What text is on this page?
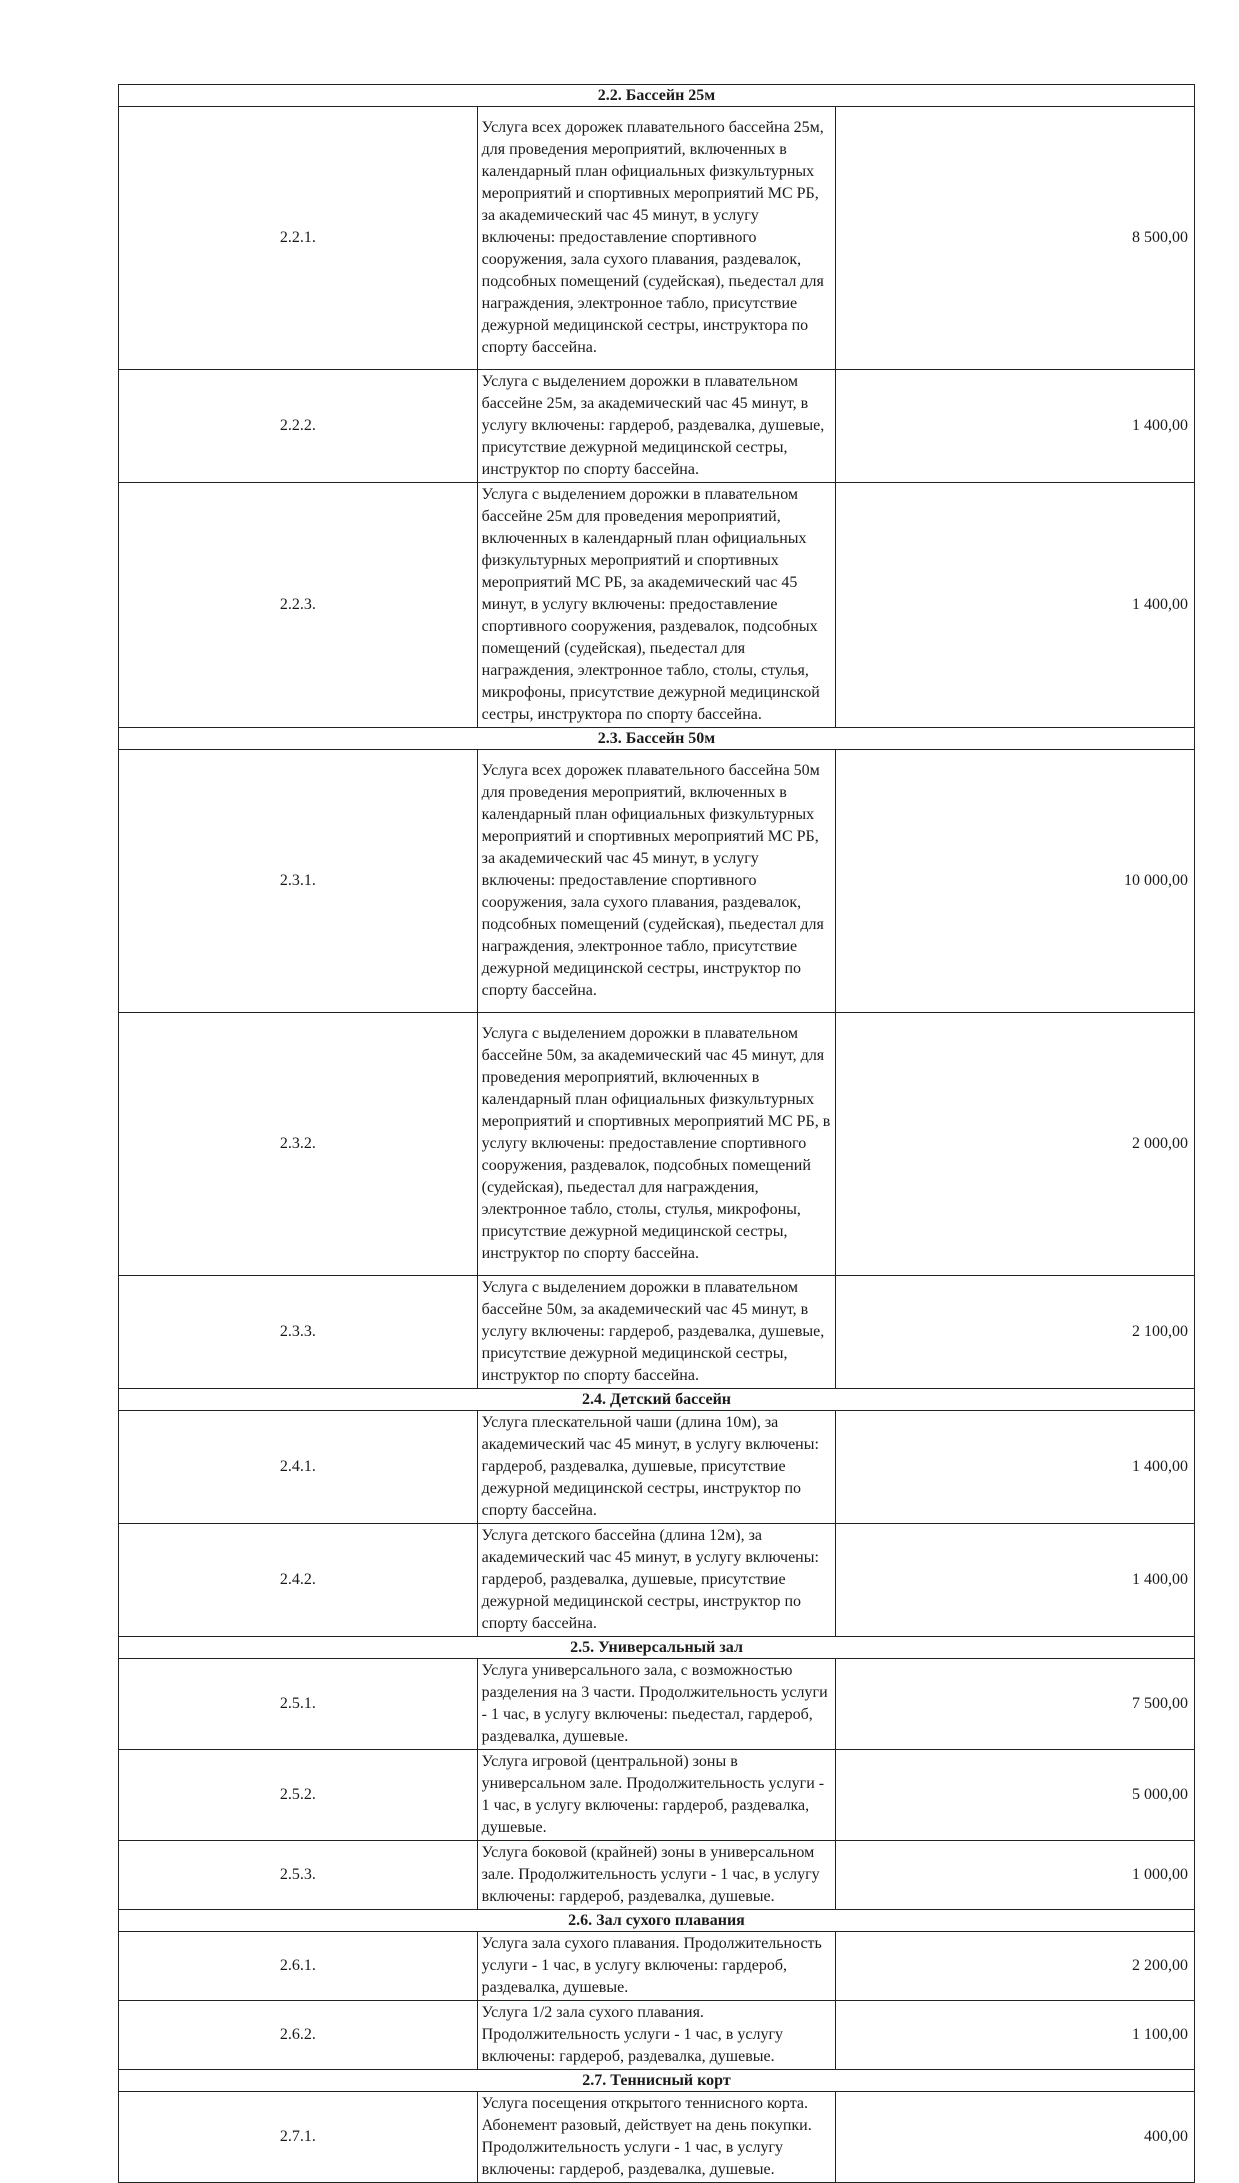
2.2. Бассейн 25м		
2.2.1.	Услуга всех дорожек плавательного бассейна 25м, для проведения мероприятий, включенных в календарный план официальных физкультурных мероприятий и спортивных мероприятий МС РБ, за академический час 45 минут, в услугу включены: предоставление спортивного сооружения, зала сухого плавания, раздевалок, подсобных помещений (судейская), пьедестал для награждения, электронное табло, присутствие дежурной медицинской сестры, инструктора по спорту бассейна.	8 500,00
2.2.2.	Услуга с выделением дорожки в плавательном бассейне 25м, за академический час 45 минут, в услугу включены: гардероб, раздевалка, душевые, присутствие дежурной медицинской сестры, инструктор по спорту бассейна.	1 400,00
2.2.3.	Услуга с выделением дорожки в плавательном бассейне 25м для проведения мероприятий, включенных в календарный план официальных физкультурных мероприятий и спортивных мероприятий МС РБ, за академический час 45 минут, в услугу включены: предоставление спортивного сооружения, раздевалок, подсобных помещений (судейская), пьедестал для награждения, электронное табло, столы, стулья, микрофоны, присутствие дежурной медицинской сестры, инструктора по спорту бассейна.	1 400,00
2.3. Бассейн 50м		
2.3.1.	Услуга всех дорожек плавательного бассейна 50м для проведения мероприятий, включенных в календарный план официальных физкультурных мероприятий и спортивных мероприятий МС РБ, за академический час 45 минут, в услугу включены: предоставление спортивного сооружения, зала сухого плавания, раздевалок, подсобных помещений (судейская), пьедестал для награждения, электронное табло, присутствие дежурной медицинской сестры, инструктор по спорту бассейна.	10 000,00
2.3.2.	Услуга с выделением дорожки в плавательном бассейне 50м, за академический час 45 минут, для проведения мероприятий, включенных в календарный план официальных физкультурных мероприятий и спортивных мероприятий МС РБ, в услугу включены: предоставление спортивного сооружения, раздевалок, подсобных помещений (судейская), пьедестал для награждения, электронное табло, столы, стулья, микрофоны, присутствие дежурной медицинской сестры, инструктор по спорту бассейна.	2 000,00
2.3.3.	Услуга с выделением дорожки в плавательном бассейне 50м, за академический час 45 минут, в услугу включены: гардероб, раздевалка, душевые, присутствие дежурной медицинской сестры, инструктор по спорту бассейна.	2 100,00
2.4. Детский бассейн		
2.4.1.	Услуга плескательной чаши (длина 10м), за академический час 45 минут, в услугу включены: гардероб, раздевалка, душевые, присутствие дежурной медицинской сестры, инструктор по спорту бассейна.	1 400,00
2.4.2.	Услуга детского бассейна (длина 12м), за академический час 45 минут, в услугу включены: гардероб, раздевалка, душевые, присутствие дежурной медицинской сестры, инструктор по спорту бассейна.	1 400,00
2.5. Универсальный зал		
2.5.1.	Услуга универсального зала, с возможностью разделения на 3 части. Продолжительность услуги - 1 час, в услугу включены: пьедестал, гардероб, раздевалка, душевые.	7 500,00
2.5.2.	Услуга игровой (центральной) зоны в универсальном зале. Продолжительность услуги - 1 час, в услугу включены: гардероб, раздевалка, душевые.	5 000,00
2.5.3.	Услуга боковой (крайней) зоны в универсальном зале. Продолжительность услуги - 1 час, в услугу включены: гардероб, раздевалка, душевые.	1 000,00
2.6. Зал сухого плавания		
2.6.1.	Услуга зала сухого плавания. Продолжительность услуги - 1 час, в услугу включены: гардероб, раздевалка, душевые.	2 200,00
2.6.2.	Услуга 1/2 зала сухого плавания. Продолжительность услуги - 1 час, в услугу включены: гардероб, раздевалка, душевые.	1 100,00
2.7. Теннисный корт		
2.7.1.	Услуга посещения открытого теннисного корта. Абонемент разовый, действует на день покупки. Продолжительность услуги - 1 час, в услугу включены: гардероб, раздевалка, душевые.	400,00
